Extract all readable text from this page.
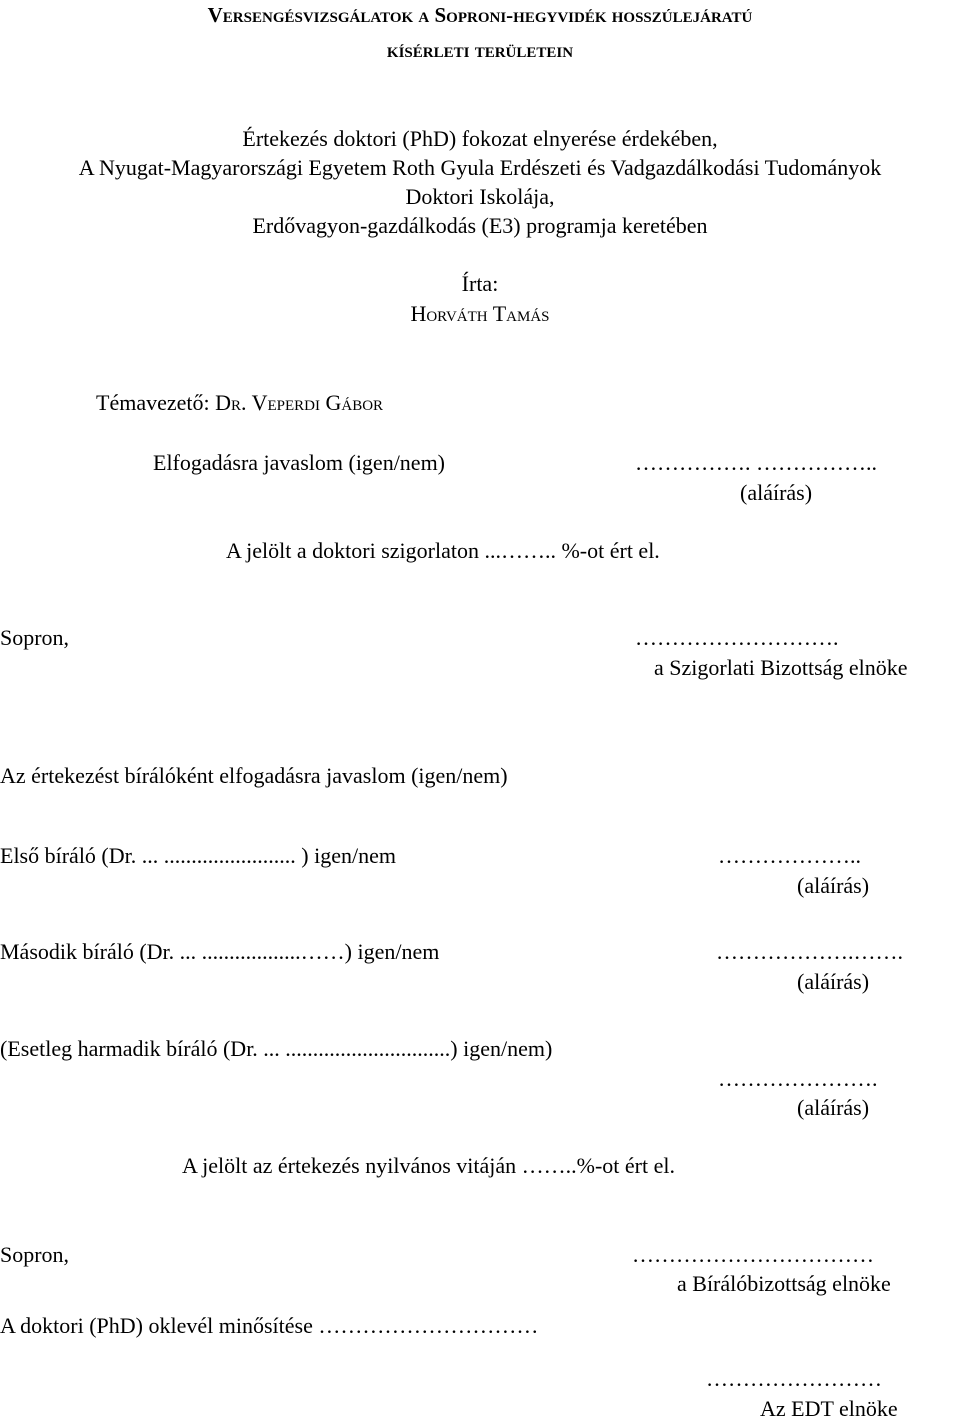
Versengésvizsgálatok a Soproni-hegyvidék hosszúlejáratú
kísérleti területein
Értekezés doktori (PhD) fokozat elnyerése érdekében,
A Nyugat-Magyarországi Egyetem Roth Gyula Erdészeti és Vadgazdálkodási Tudományok
Doktori Iskolája,
Erdővagyon-gazdálkodás (E3) programja keretében
Írta:
Horváth Tamás
Témavezető: Dr. Veperdi Gábor
Elfogadásra javaslom (igen/nem)	……………. ……………..
(aláírás)
A jelölt a doktori szigorlaton ...…….. %-ot ért el.
Sopron,	……………………….
a Szigorlati Bizottság elnöke
Az értekezést bírálóként elfogadásra javaslom (igen/nem)
Első bíráló (Dr. ... ........................ ) igen/nem	………………..
(aláírás)
Második bíráló (Dr. ... ..................……) igen/nem	……………….…….
(aláírás)
(Esetleg harmadik bíráló (Dr. ... ..............................) igen/nem)
………………….
(aláírás)
A jelölt az értekezés nyilvános vitáján ……..%-ot ért el.
Sopron,	……………………………
a Bírálóbizottság elnöke
A doktori (PhD) oklevél minősítése …………………………
……………………
Az EDT elnöke
